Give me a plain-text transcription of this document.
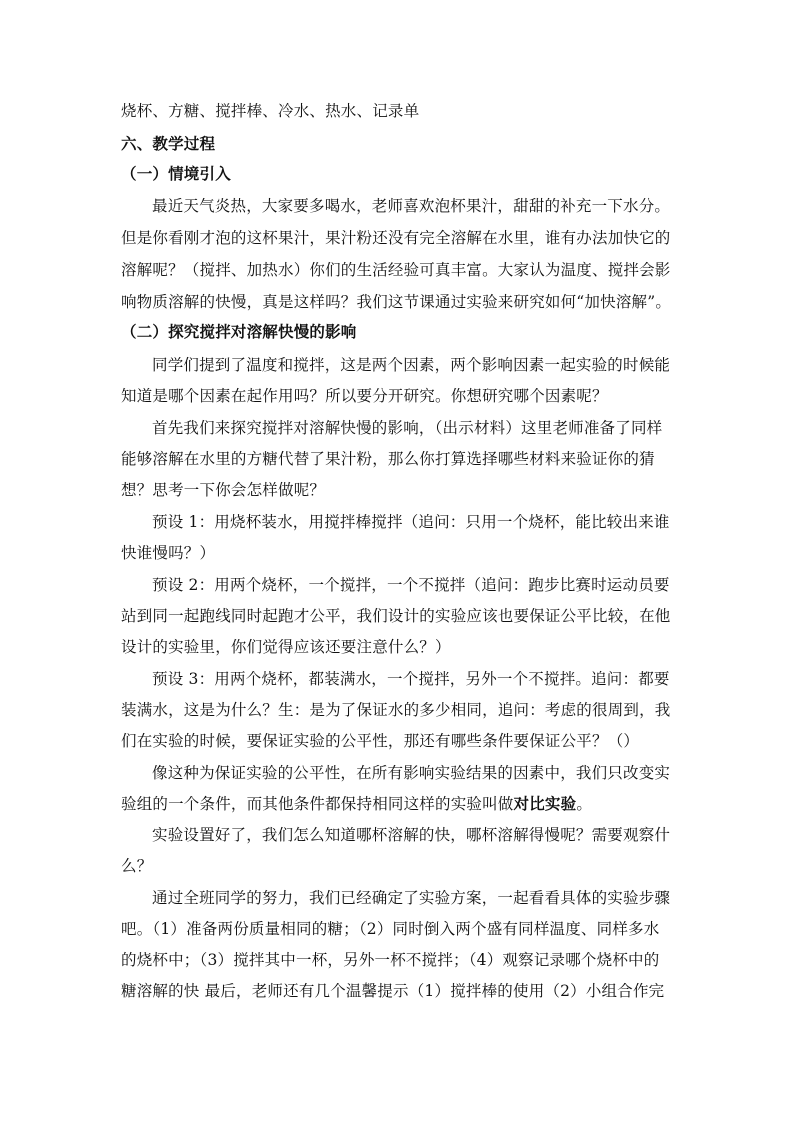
烧杯、方糖、搅拌棒、冷水、热水、记录单
六、教学过程
（一）情境引入
最近天气炎热，大家要多喝水，老师喜欢泡杯果汁，甜甜的补充一下水分。
但是你看刚才泡的这杯果汁，果汁粉还没有完全溶解在水里，谁有办法加快它的
溶解呢？（搅拌、加热水）你们的生活经验可真丰富。大家认为温度、搅拌会影
响物质溶解的快慢，真是这样吗？我们这节课通过实验来研究如何“加快溶解”。
（二）探究搅拌对溶解快慢的影响
同学们提到了温度和搅拌，这是两个因素，两个影响因素一起实验的时候能
知道是哪个因素在起作用吗？所以要分开研究。你想研究哪个因素呢？
首先我们来探究搅拌对溶解快慢的影响，（出示材料）这里老师准备了同样
能够溶解在水里的方糖代替了果汁粉，那么你打算选择哪些材料来验证你的猜
想？思考一下你会怎样做呢？
预设 1：用烧杯装水，用搅拌棒搅拌（追问：只用一个烧杯，能比较出来谁
快谁慢吗？）
预设 2：用两个烧杯，一个搅拌，一个不搅拌（追问：跑步比赛时运动员要
站到同一起跑线同时起跑才公平，我们设计的实验应该也要保证公平比较，在他
设计的实验里，你们觉得应该还要注意什么？）
预设 3：用两个烧杯，都装满水，一个搅拌，另外一个不搅拌。追问：都要
装满水，这是为什么？生：是为了保证水的多少相同，追问：考虑的很周到，我
们在实验的时候，要保证实验的公平性，那还有哪些条件要保证公平？（）
像这种为保证实验的公平性，在所有影响实验结果的因素中，我们只改变实
验组的一个条件，而其他条件都保持相同这样的实验叫做对比实验。
实验设置好了，我们怎么知道哪杯溶解的快，哪杯溶解得慢呢？需要观察什
么？
通过全班同学的努力，我们已经确定了实验方案，一起看看具体的实验步骤
吧。（1）准备两份质量相同的糖；（2）同时倒入两个盛有同样温度、同样多水
的烧杯中；（3）搅拌其中一杯，另外一杯不搅拌；（4）观察记录哪个烧杯中的
糖溶解的快 最后，老师还有几个温馨提示（1）搅拌棒的使用（2）小组合作完
